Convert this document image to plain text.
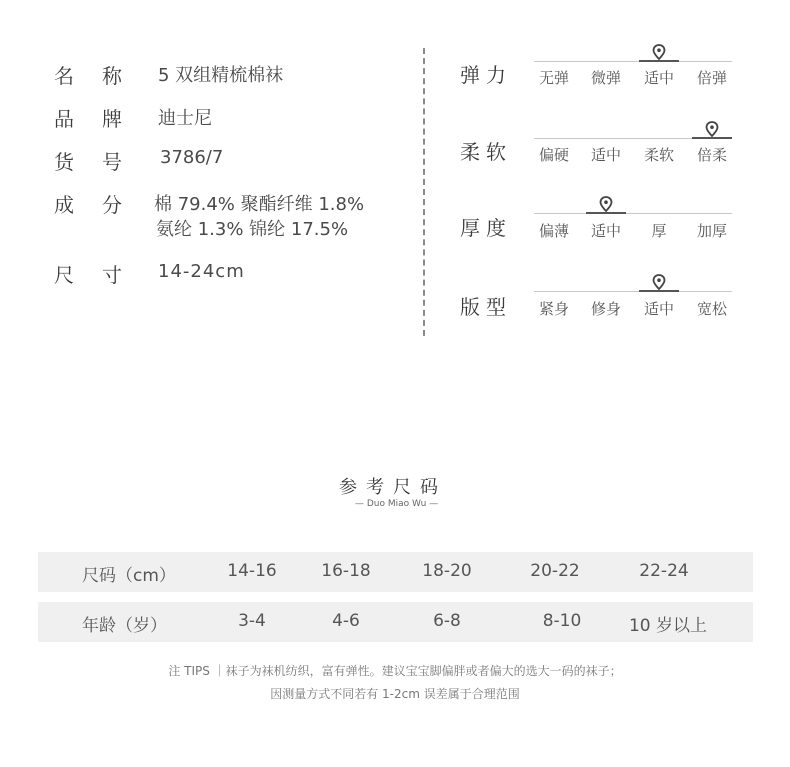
名 称 5 双组精梳棉袜
品 牌 迪士尼
货 号 3786/7
成 分 棉 79.4% 聚酯纤维 1.8%
氨纶 1.3% 锦纶 17.5%
尺 寸 14-24cm
弹力	无弹	微弹	适中	倍弹
柔软	偏硬	适中	柔软	倍柔
厚度	偏薄	适中	厚	加厚
版型	紧身	修身	适中	宽松
参考尺码
— Duo Miao Wu —
尺码（cm）	14-16	16-18	18-20	20-22	22-24
年龄（岁）	3-4	4-6	6-8	8-10	10 岁以上
注 TIPS ｜袜子为袜机纺织，富有弹性。建议宝宝脚偏胖或者偏大的选大一码的袜子；
因测量方式不同若有 1-2cm 误差属于合理范围
